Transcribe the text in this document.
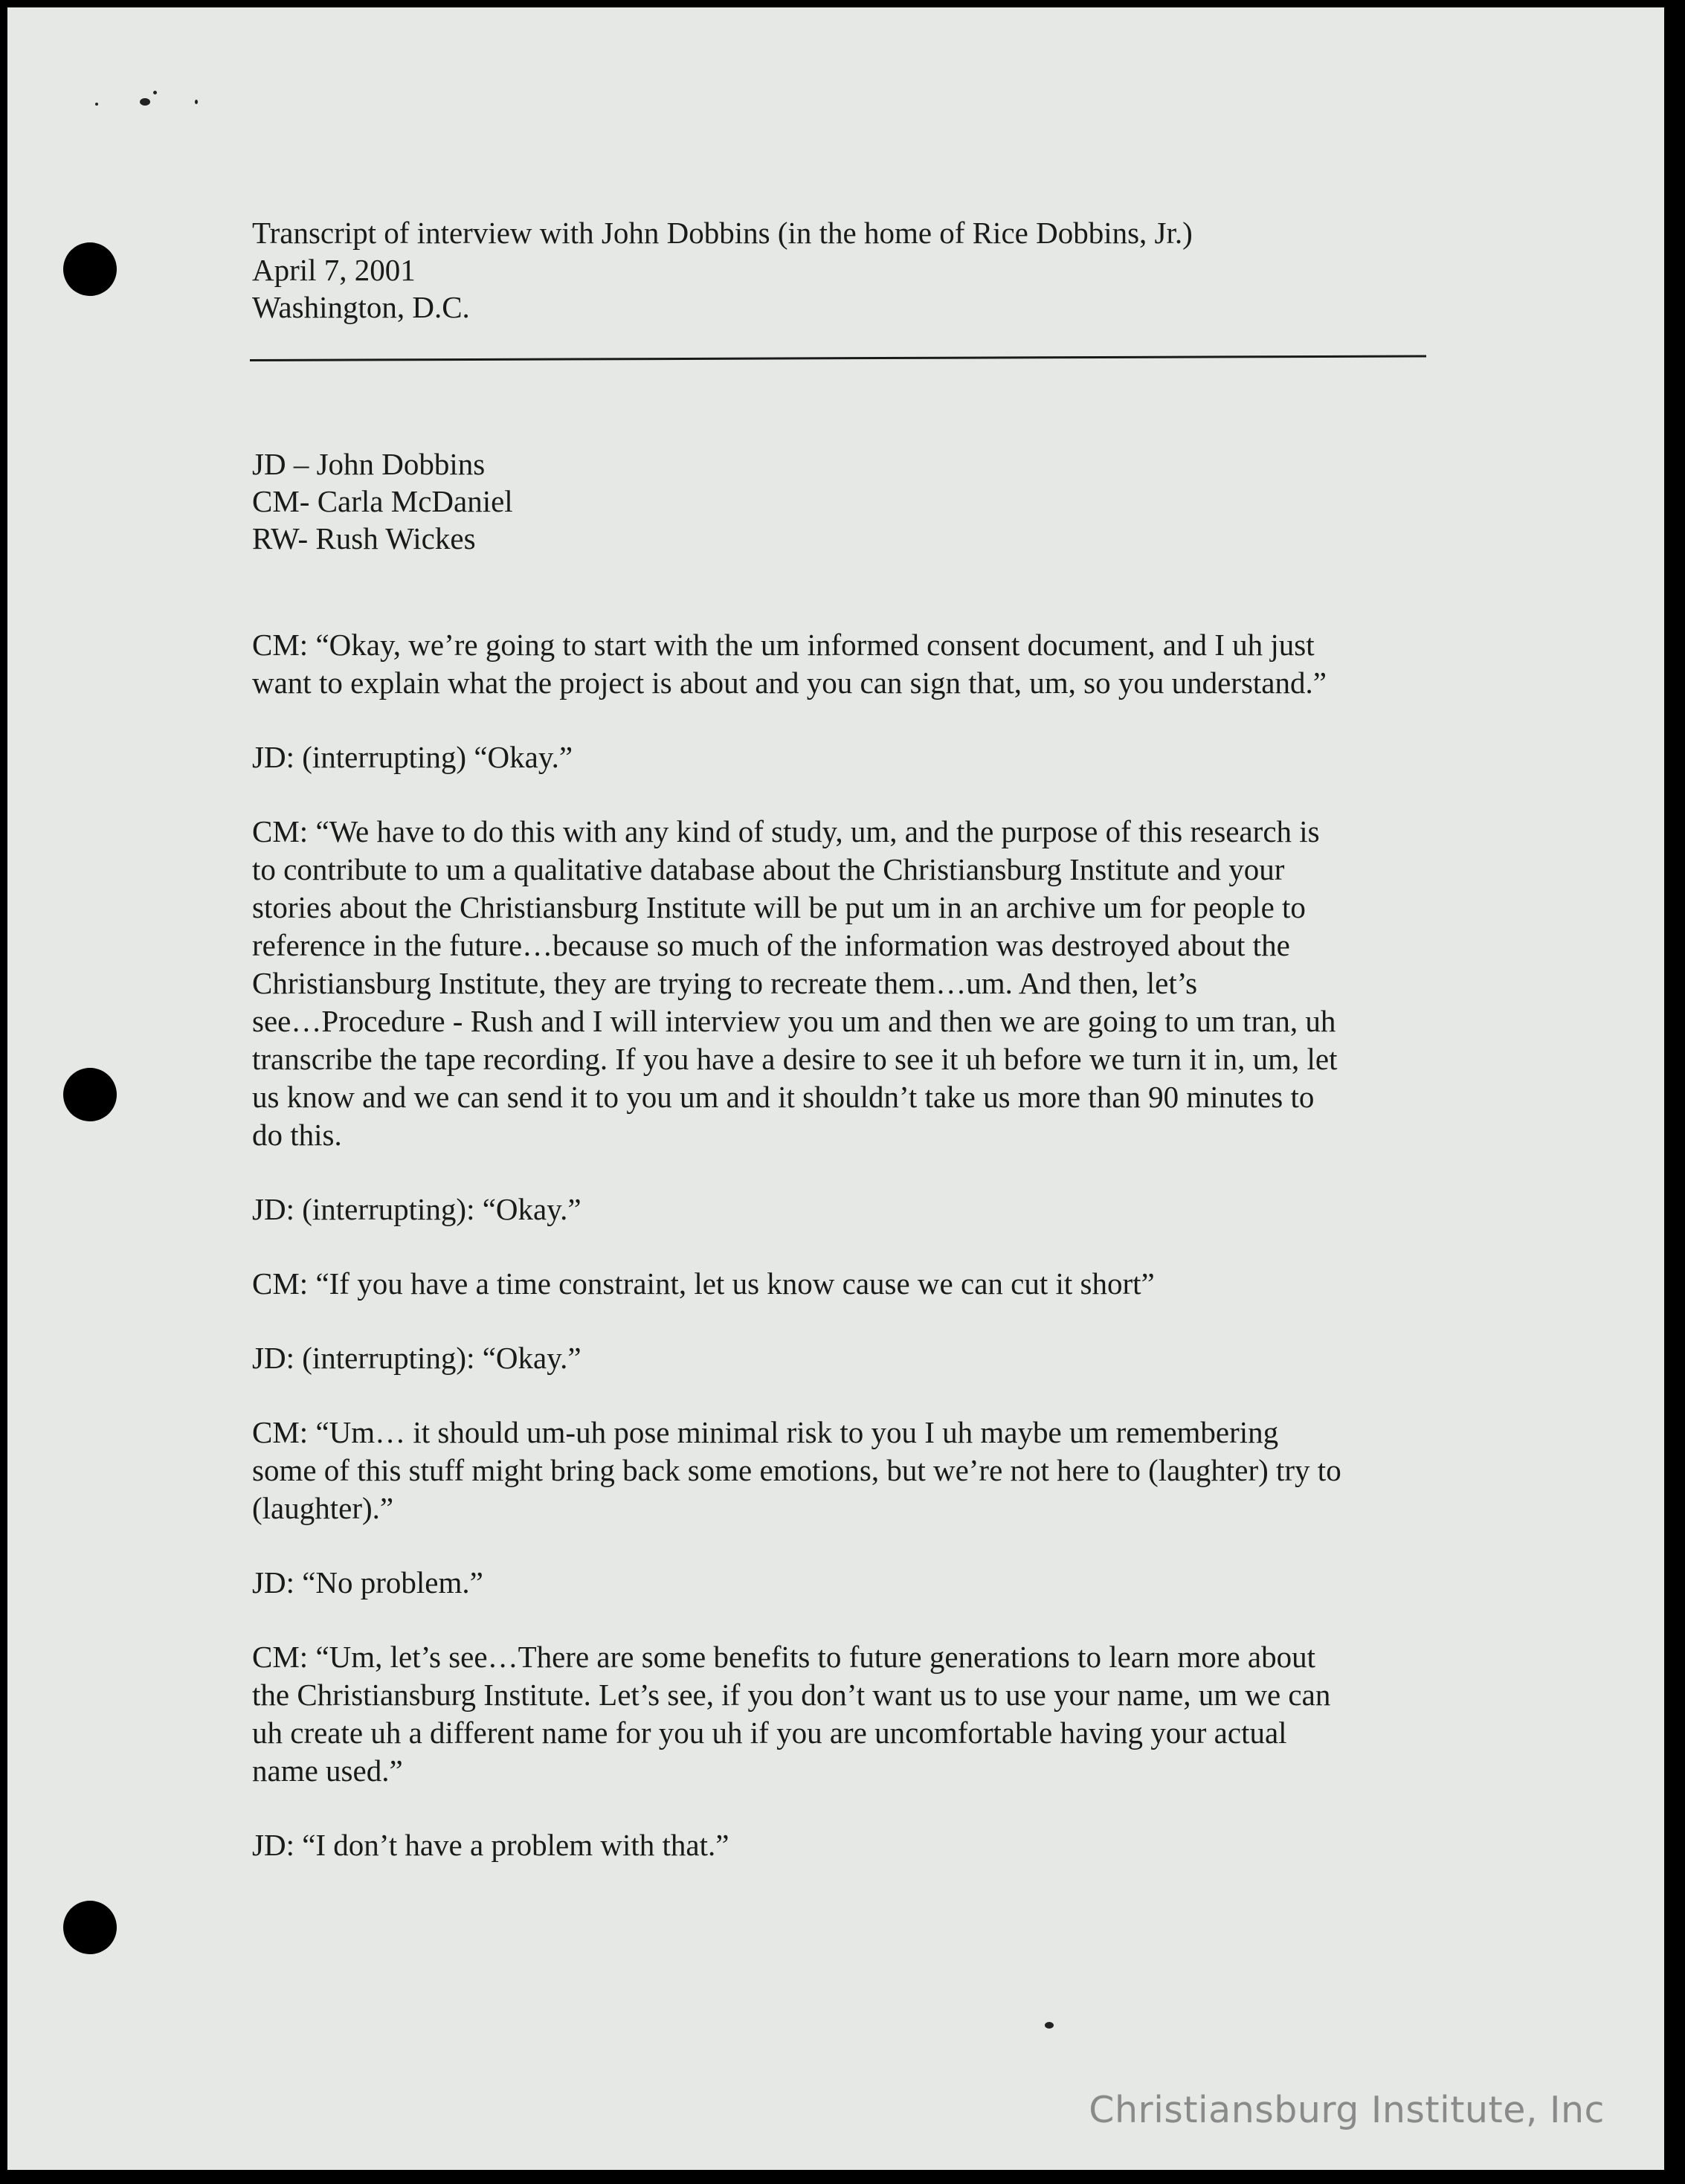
Transcript of interview with John Dobbins (in the home of Rice Dobbins, Jr.)
April 7, 2001
Washington, D.C.
JD – John Dobbins
CM- Carla McDaniel
RW- Rush Wickes
CM: “Okay, we’re going to start with the um informed consent document, and I uh just
want to explain what the project is about and you can sign that, um, so you understand.”
JD: (interrupting) “Okay.”
CM: “We have to do this with any kind of study, um, and the purpose of this research is
to contribute to um a qualitative database about the Christiansburg Institute and your
stories about the Christiansburg Institute will be put um in an archive um for people to
reference in the future…because so much of the information was destroyed about the
Christiansburg Institute, they are trying to recreate them…um. And then, let’s
see…Procedure - Rush and I will interview you um and then we are going to um tran, uh
transcribe the tape recording. If you have a desire to see it uh before we turn it in, um, let
us know and we can send it to you um and it shouldn’t take us more than 90 minutes to
do this.
JD: (interrupting): “Okay.”
CM: “If you have a time constraint, let us know cause we can cut it short”
JD: (interrupting): “Okay.”
CM: “Um… it should um-uh pose minimal risk to you I uh maybe um remembering
some of this stuff might bring back some emotions, but we’re not here to (laughter) try to
(laughter).”
JD: “No problem.”
CM: “Um, let’s see…There are some benefits to future generations to learn more about
the Christiansburg Institute. Let’s see, if you don’t want us to use your name, um we can
uh create uh a different name for you uh if you are uncomfortable having your actual
name used.”
JD: “I don’t have a problem with that.”
Christiansburg Institute, Inc
